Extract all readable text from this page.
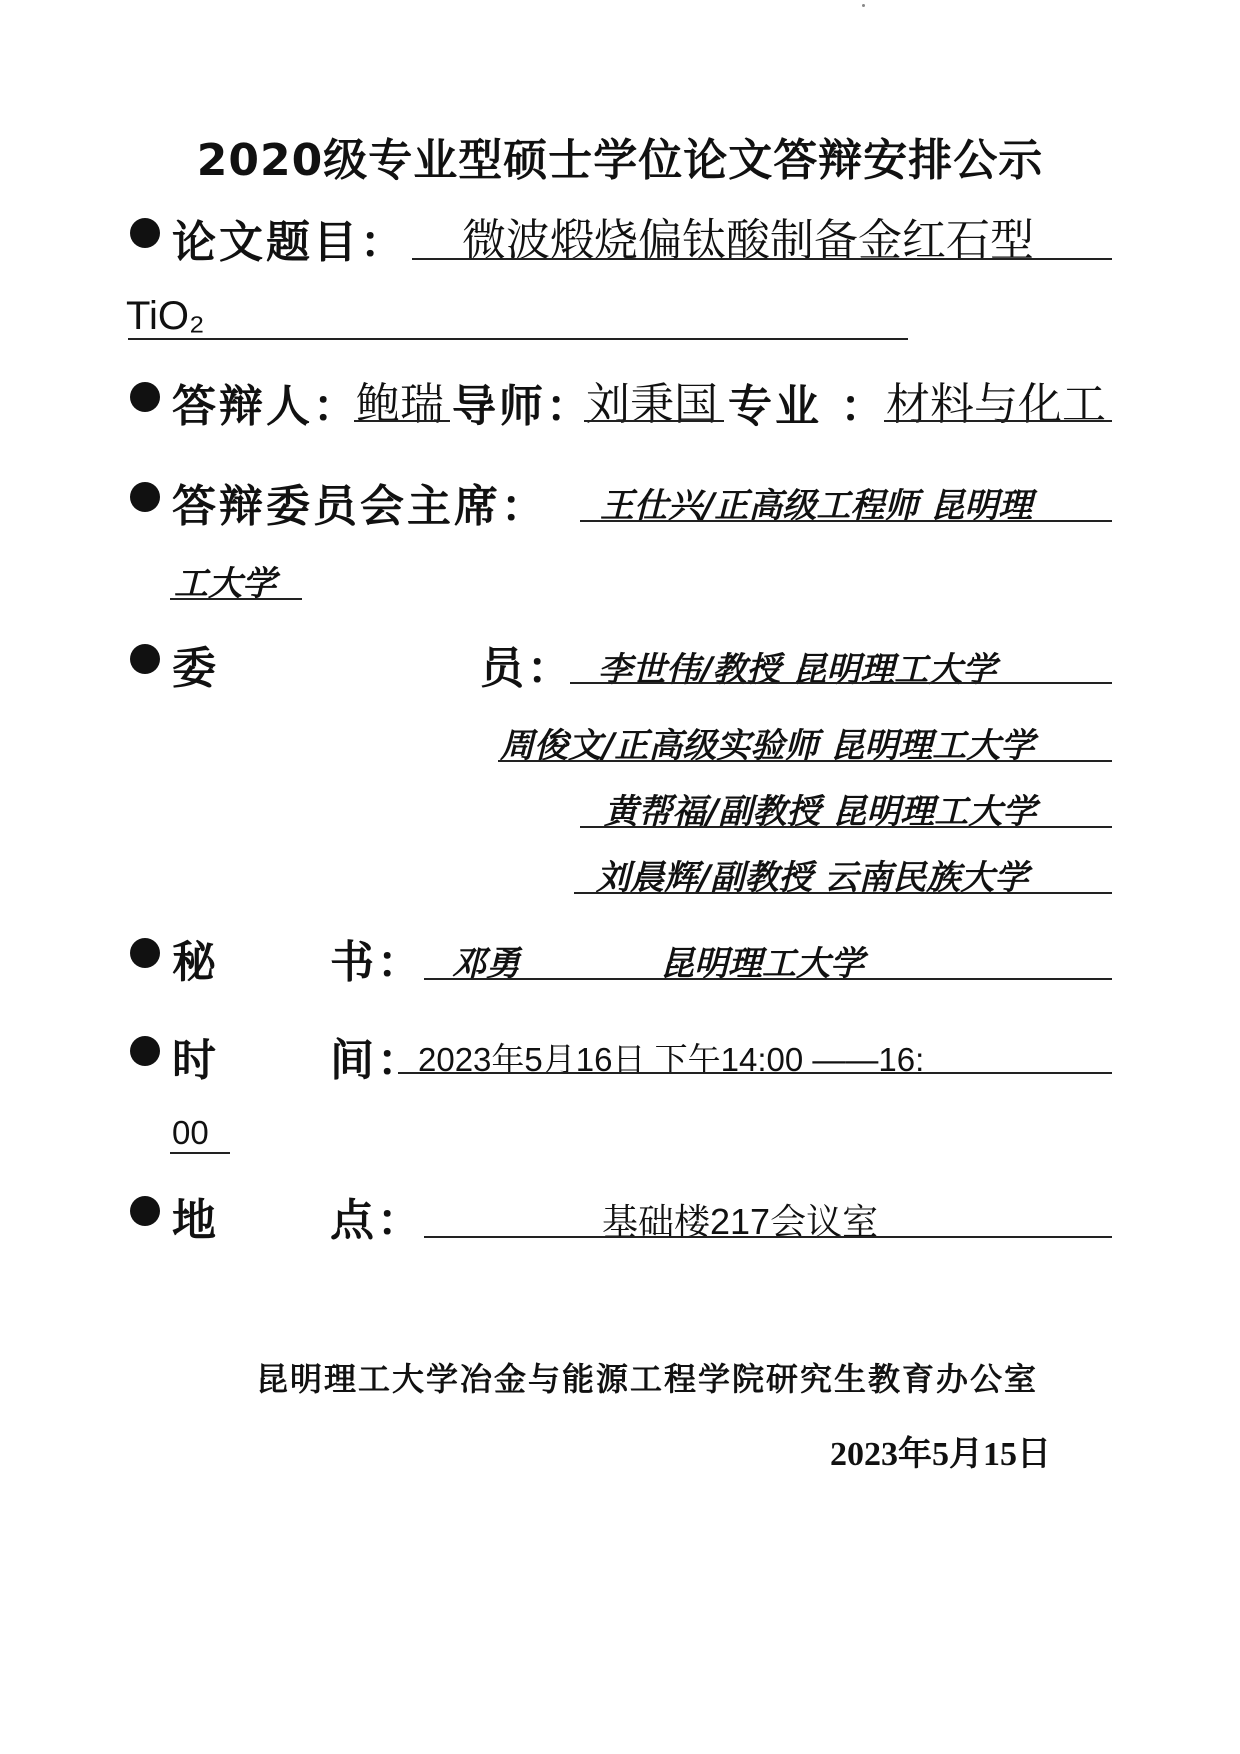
2020级专业型硕士学位论文答辩安排公示
论文题目： 微波煅烧偏钛酸制备金红石型
TiO₂
答辩人：
鲍瑞 导师：
刘秉国 专业 ：
材料与化工
答辩委员会主席： 王仕兴/正高级工程师 昆明理
工大学
委	员： 李世伟/教授 昆明理工大学
周俊文/正高级实验师 昆明理工大学
黄帮福/副教授 昆明理工大学
刘晨辉/副教授 云南民族大学
秘	书： 邓勇	昆明理工大学
时	间：
2023年5月16日 下午14:00 ——16:
00
地	点：	基础楼217会议室
昆明理工大学冶金与能源工程学院研究生教育办公室
2023年5月15日
